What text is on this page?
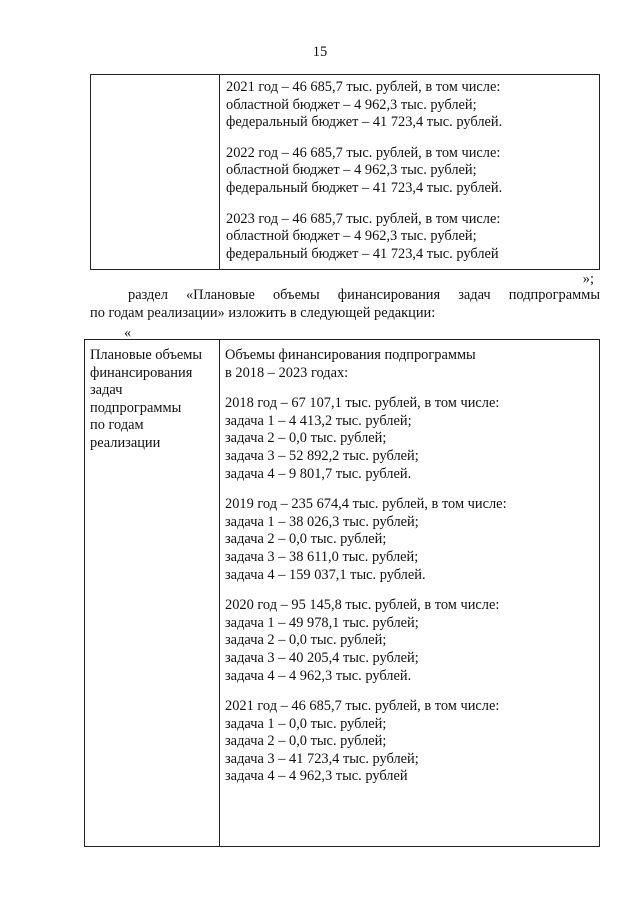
15
2021 год – 46 685,7 тыс. рублей, в том числе:
областной бюджет – 4 962,3 тыс. рублей;
федеральный бюджет – 41 723,4 тыс. рублей.
2022 год – 46 685,7 тыс. рублей, в том числе:
областной бюджет – 4 962,3 тыс. рублей;
федеральный бюджет – 41 723,4 тыс. рублей.
2023 год – 46 685,7 тыс. рублей, в том числе:
областной бюджет – 4 962,3 тыс. рублей;
федеральный бюджет – 41 723,4 тыс. рублей
»;
раздел «Плановые объемы финансирования задач подпрограммы
по годам реализации» изложить в следующей редакции:
«
Плановые объемы
финансирования
задач
подпрограммы
по годам
реализации
Объемы финансирования подпрограммы
в 2018 – 2023 годах:
2018 год – 67 107,1 тыс. рублей, в том числе:
задача 1 – 4 413,2 тыс. рублей;
задача 2 – 0,0 тыс. рублей;
задача 3 – 52 892,2 тыс. рублей;
задача 4 – 9 801,7 тыс. рублей.
2019 год – 235 674,4 тыс. рублей, в том числе:
задача 1 – 38 026,3 тыс. рублей;
задача 2 – 0,0 тыс. рублей;
задача 3 – 38 611,0 тыс. рублей;
задача 4 – 159 037,1 тыс. рублей.
2020 год – 95 145,8 тыс. рублей, в том числе:
задача 1 – 49 978,1 тыс. рублей;
задача 2 – 0,0 тыс. рублей;
задача 3 – 40 205,4 тыс. рублей;
задача 4 – 4 962,3 тыс. рублей.
2021 год – 46 685,7 тыс. рублей, в том числе:
задача 1 – 0,0 тыс. рублей;
задача 2 – 0,0 тыс. рублей;
задача 3 – 41 723,4 тыс. рублей;
задача 4 – 4 962,3 тыс. рублей
